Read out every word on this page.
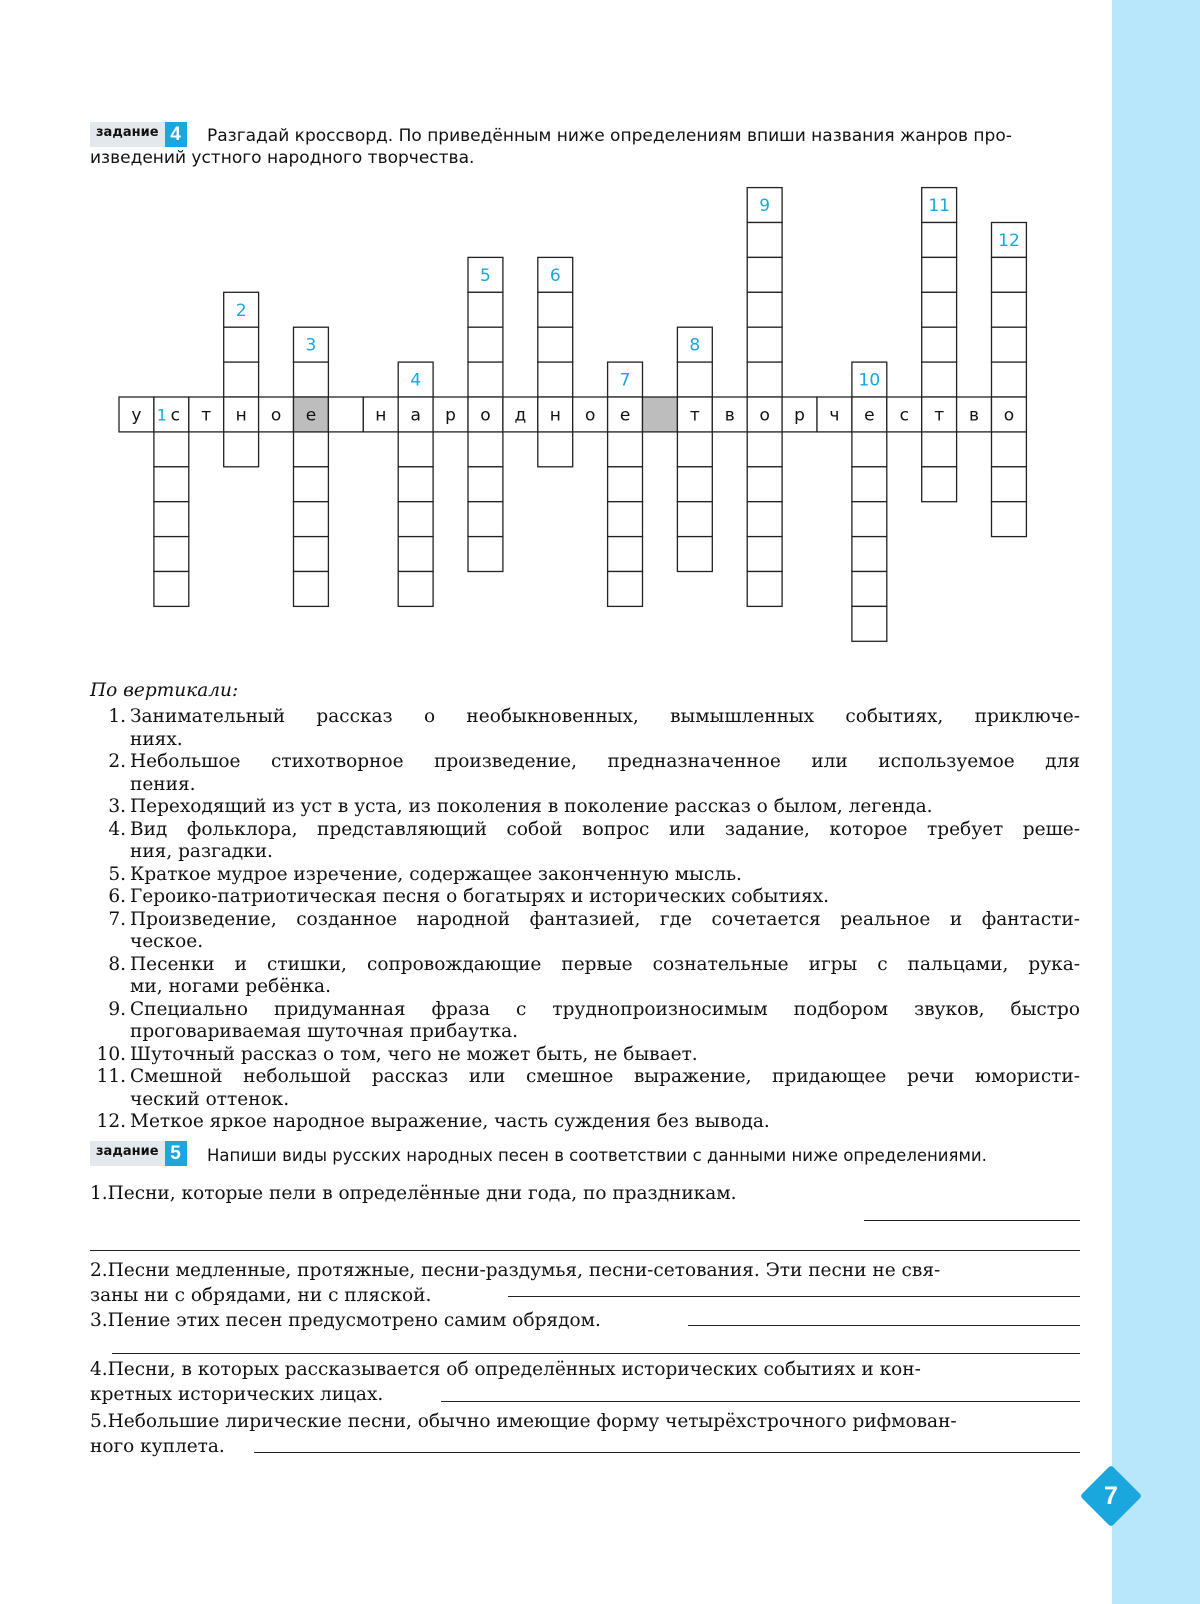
7
задание 4	Разгадай кроссворд. По приведённым ниже определениям впиши названия жанров про-
изведений устного народного творчества.
2
3
4
5	6
7
8
9
10
11
12
у с т н о е	н а р о д н о е	т в о р ч е с т в о
1
По вертикали:
1. Занимательный рассказ о необыкновенных, вымышленных событиях, приключе-
ниях.
2. Небольшое стихотворное произведение, предназначенное или используемое для
пения.
3. Переходящий из уст в уста, из поколения в поколение рассказ о былом, легенда.
4. Вид фольклора, представляющий собой вопрос или задание, которое требует реше-
ния, разгадки.
5. Краткое мудрое изречение, содержащее законченную мысль.
6. Героико-патриотическая песня о богатырях и исторических событиях.
7. Произведение, созданное народной фантазией, где сочетается реальное и фантасти-
ческое.
8. Песенки и стишки, сопровождающие первые сознательные игры с пальцами, рука-
ми, ногами ребёнка.
9. Специально придуманная фраза с труднопроизносимым подбором звуков, быстро
проговариваемая шуточная прибаутка.
10. Шуточный рассказ о том, чего не может быть, не бывает.
11. Смешной небольшой рассказ или смешное выражение, придающее речи юмористи-
ческий оттенок.
12. Меткое яркое народное выражение, часть суждения без вывода.
задание 5	Напиши виды русских народных песен в соответствии с данными ниже определениями.
1.Песни, которые пели в определённые дни года, по праздникам.
2.Песни медленные, протяжные, песни-раздумья, песни-сетования. Эти песни не свя-
заны ни с обрядами, ни с пляской.
3.Пение этих песен предусмотрено самим обрядом.
4.Песни, в которых рассказывается об определённых исторических событиях и кон-
кретных исторических лицах.
5.Небольшие лирические песни, обычно имеющие форму четырёхстрочного рифмован-
ного куплета.
